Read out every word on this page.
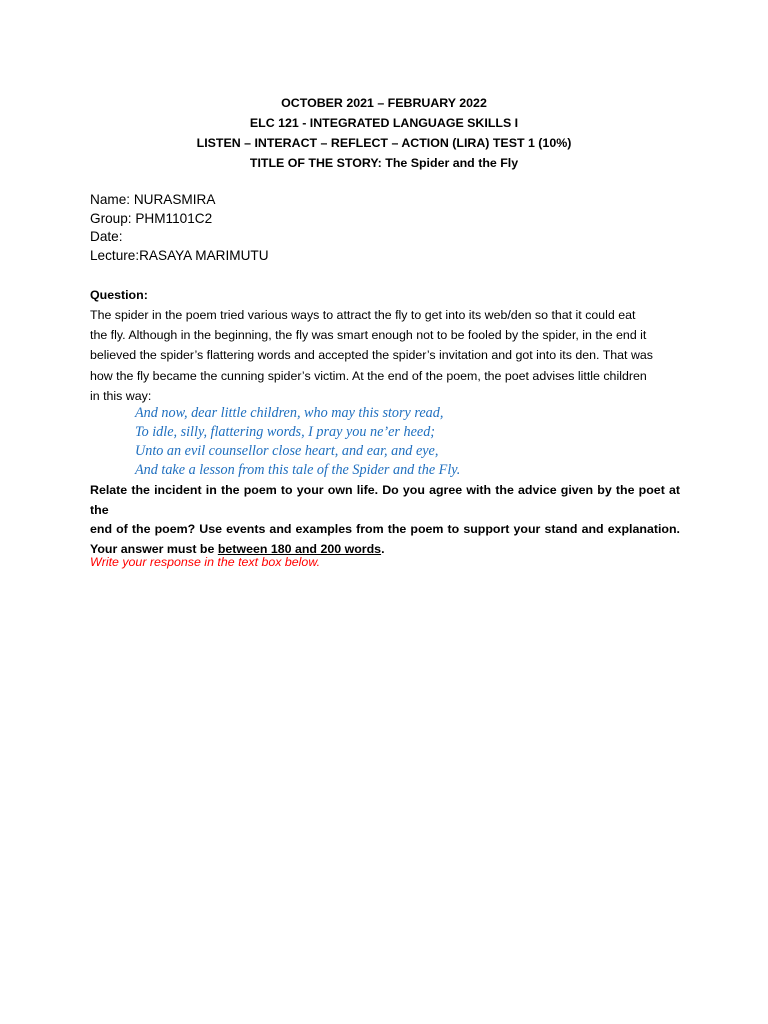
OCTOBER 2021 – FEBRUARY 2022
ELC 121 - INTEGRATED LANGUAGE SKILLS I
LISTEN – INTERACT – REFLECT – ACTION (LIRA) TEST 1 (10%)
TITLE OF THE STORY: The Spider and the Fly
Name: NURASMIRA
Group: PHM1101C2
Date:
Lecture:RASAYA MARIMUTU
Question:
The spider in the poem tried various ways to attract the fly to get into its web/den so that it could eat
the fly. Although in the beginning, the fly was smart enough not to be fooled by the spider, in the end it
believed the spider’s flattering words and accepted the spider’s invitation and got into its den. That was
how the fly became the cunning spider’s victim. At the end of the poem, the poet advises little children
in this way:
And now, dear little children, who may this story read,
To idle, silly, flattering words, I pray you ne’er heed;
Unto an evil counsellor close heart, and ear, and eye,
And take a lesson from this tale of the Spider and the Fly.
Relate the incident in the poem to your own life. Do you agree with the advice given by the poet at the
end of the poem? Use events and examples from the poem to support your stand and explanation.
Your answer must be between 180 and 200 words.
Write your response in the text box below.
